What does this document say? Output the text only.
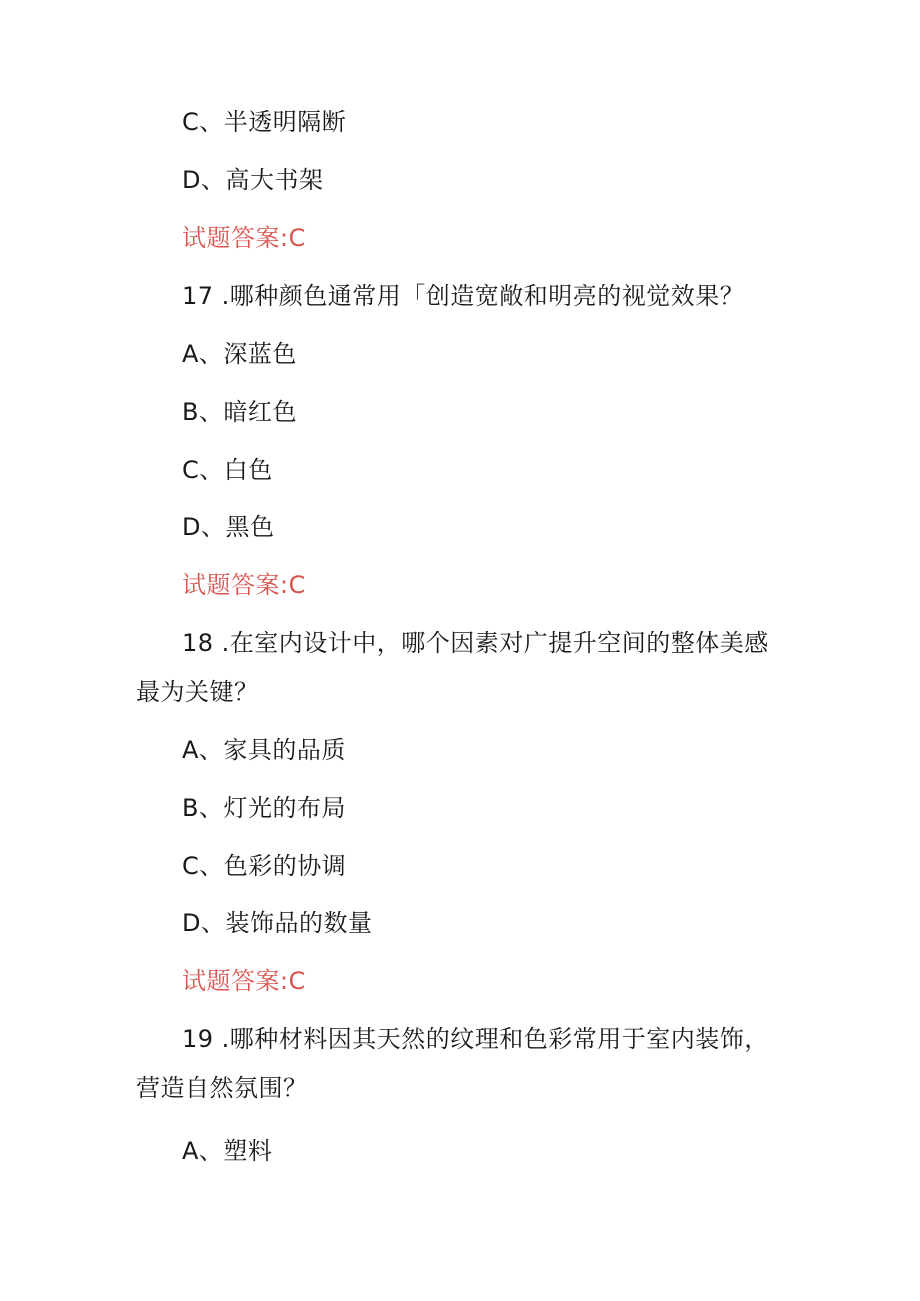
C、半透明隔断
D、高大书架
试题答案:C
17 .哪种颜色通常用「创造宽敞和明亮的视觉效果？
A、深蓝色
B、暗红色
C、白色
D、黑色
试题答案:C
18 .在室内设计中，哪个因素对广提升空间的整体美感
最为关键？
A、家具的品质
B、灯光的布局
C、色彩的协调
D、装饰品的数量
试题答案:C
19 .哪种材料因其天然的纹理和色彩常用于室内装饰，
营造自然氛围？
A、塑料
